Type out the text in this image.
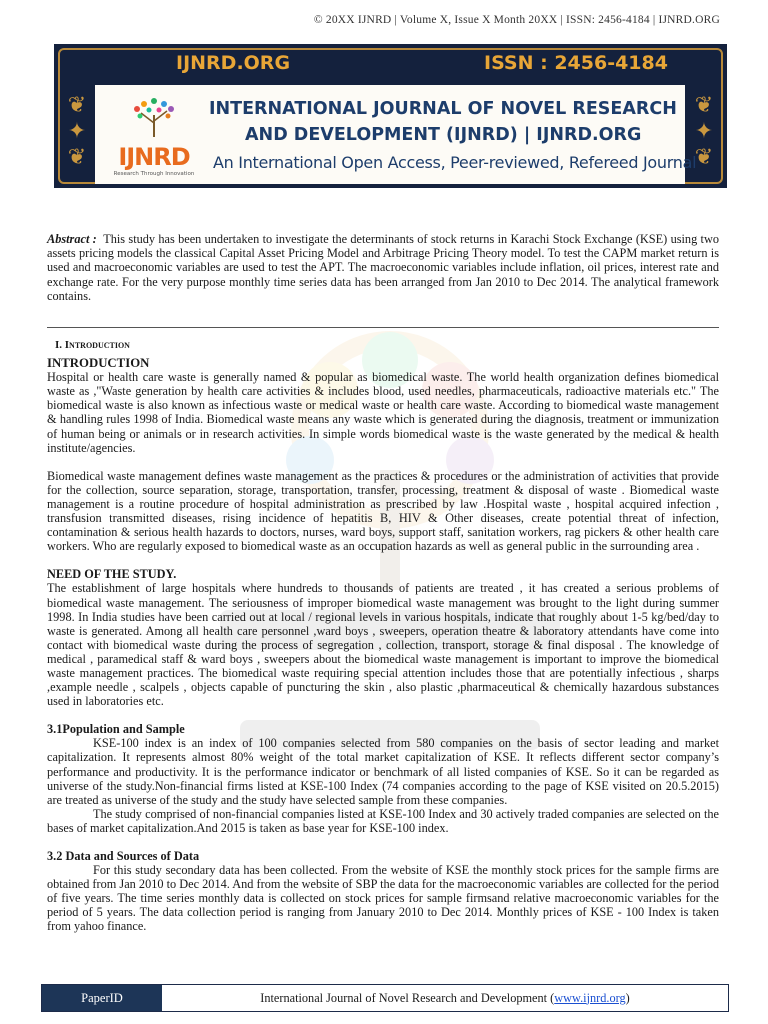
© 20XX IJNRD | Volume X, Issue X Month 20XX | ISSN: 2456-4184 | IJNRD.ORG
IJNRD.ORG	ISSN : 2456-4184
❦
✦
❦
❦
✦
❦
IJNRD
Research Through Innovation
INTERNATIONAL JOURNAL OF NOVEL RESEARCH
AND DEVELOPMENT (IJNRD) | IJNRD.ORG
An International Open Access, Peer-reviewed, Refereed Journal
Abstract : This study has been undertaken to investigate the determinants of stock returns in Karachi Stock Exchange (KSE) using two assets pricing models the classical Capital Asset Pricing Model and Arbitrage Pricing Theory model. To test the CAPM market return is used and macroeconomic variables are used to test the APT. The macroeconomic variables include inflation, oil prices, interest rate and exchange rate. For the very purpose monthly time series data has been arranged from Jan 2010 to Dec 2014. The analytical framework contains.

I. Introduction

INTRODUCTION

Hospital or health care waste is generally named & popular as biomedical waste. The world health organization defines biomedical waste as ,"Waste generation by health care activities & includes blood, used needles, pharmaceuticals, radioactive materials etc." The biomedical waste is also known as infectious waste or medical waste or health care waste. According to biomedical waste management & handling rules 1998 of India. Biomedical waste means any waste which is generated during the diagnosis, treatment or immunization of human being or animals or in research activities. In simple words biomedical waste is the waste generated by the medical & health institute/agencies.

Biomedical waste management defines waste management as the practices & procedures or the administration of activities that provide for the collection, source separation, storage, transportation, transfer, processing, treatment & disposal of waste . Biomedical waste management is a routine procedure of hospital administration as prescribed by law .Hospital waste , hospital acquired infection , transfusion transmitted diseases, rising incidence of hepatitis B, HIV & Other diseases, create potential threat of infection, contamination & serious health hazards to doctors, nurses, ward boys, support staff, sanitation workers, rag pickers & other health care workers. Who are regularly exposed to biomedical waste as an occupation hazards as well as general public in the surrounding area .

NEED OF THE STUDY.

The establishment of large hospitals where hundreds to thousands of patients are treated , it has created a serious problems of biomedical waste management. The seriousness of improper biomedical waste management was brought to the light during summer 1998. In India studies have been carried out at local / regional levels in various hospitals, indicate that roughly about 1-5 kg/bed/day to waste is generated. Among all health care personnel ,ward boys , sweepers, operation theatre & laboratory attendants have come into contact with biomedical waste during the process of segregation , collection, transport, storage & final disposal . The knowledge of medical , paramedical staff & ward boys , sweepers about the biomedical waste management is important to improve the biomedical waste management practices. The biomedical waste requiring special attention includes those that are potentially infectious , sharps ,example needle , scalpels , objects capable of puncturing the skin , also plastic ,pharmaceutical & chemically hazardous substances used in laboratories etc.

3.1Population and Sample

KSE-100 index is an index of 100 companies selected from 580 companies on the basis of sector leading and market capitalization. It represents almost 80% weight of the total market capitalization of KSE. It reflects different sector company’s performance and productivity. It is the performance indicator or benchmark of all listed companies of KSE. So it can be regarded as universe of the study.Non-financial firms listed at KSE-100 Index (74 companies according to the page of KSE visited on 20.5.2015) are treated as universe of the study and the study have selected sample from these companies.

The study comprised of non-financial companies listed at KSE-100 Index and 30 actively traded companies are selected on the bases of market capitalization.And 2015 is taken as base year for KSE-100 index.

3.2 Data and Sources of Data

For this study secondary data has been collected. From the website of KSE the monthly stock prices for the sample firms are obtained from Jan 2010 to Dec 2014. And from the website of SBP the data for the macroeconomic variables are collected for the period of five years. The time series monthly data is collected on stock prices for sample firmsand relative macroeconomic variables for the period of 5 years. The data collection period is ranging from January 2010 to Dec 2014. Monthly prices of KSE - 100 Index is taken from yahoo finance.

PaperID	International Journal of Novel Research and Development ( www.ijnrd.org )
